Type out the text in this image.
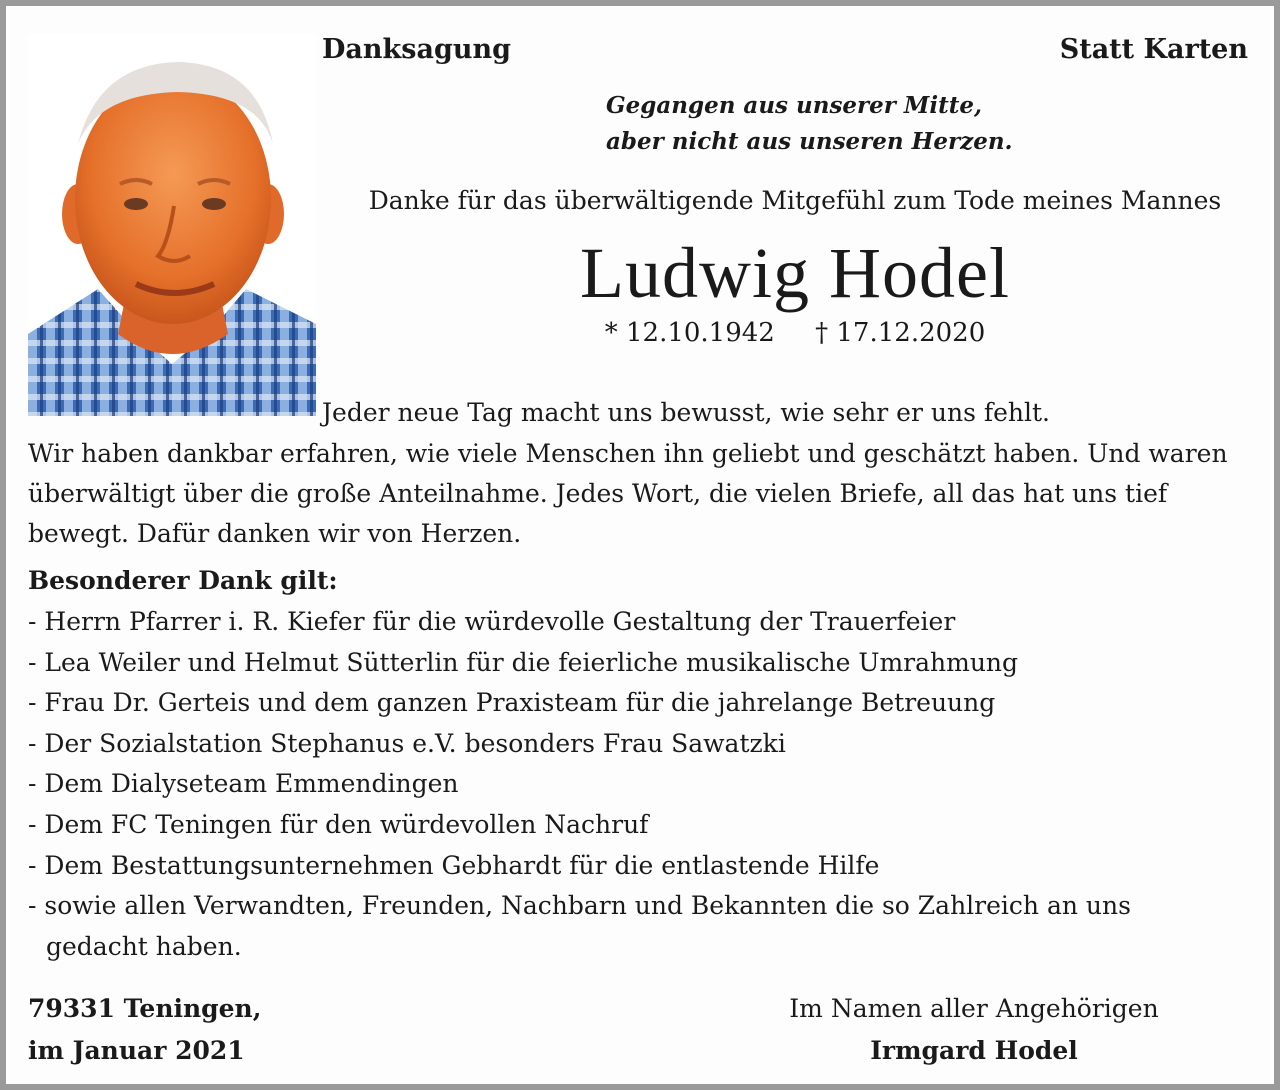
Danksagung	Statt Karten
Gegangen aus unserer Mitte,
aber nicht aus unseren Herzen.
Danke für das überwältigende Mitgefühl zum Tode meines Mannes
Ludwig Hodel
* 12.10.1942 † 17.12.2020
Jeder neue Tag macht uns bewusst, wie sehr er uns fehlt.
Wir haben dankbar erfahren, wie viele Menschen ihn geliebt und geschätzt haben. Und waren überwältigt über die große Anteilnahme. Jedes Wort, die vielen Briefe, all das hat uns tief bewegt. Dafür danken wir von Herzen.
Besonderer Dank gilt:
- Herrn Pfarrer i. R. Kiefer für die würdevolle Gestaltung der Trauerfeier
- Lea Weiler und Helmut Sütterlin für die feierliche musikalische Umrahmung
- Frau Dr. Gerteis und dem ganzen Praxisteam für die jahrelange Betreuung
- Der Sozialstation Stephanus e.V. besonders Frau Sawatzki
- Dem Dialyseteam Emmendingen
- Dem FC Teningen für den würdevollen Nachruf
- Dem Bestattungsunternehmen Gebhardt für die entlastende Hilfe
- sowie allen Verwandten, Freunden, Nachbarn und Bekannten die so Zahlreich an uns
gedacht haben.
79331 Teningen,
im Januar 2021
Im Namen aller Angehörigen
Irmgard Hodel
